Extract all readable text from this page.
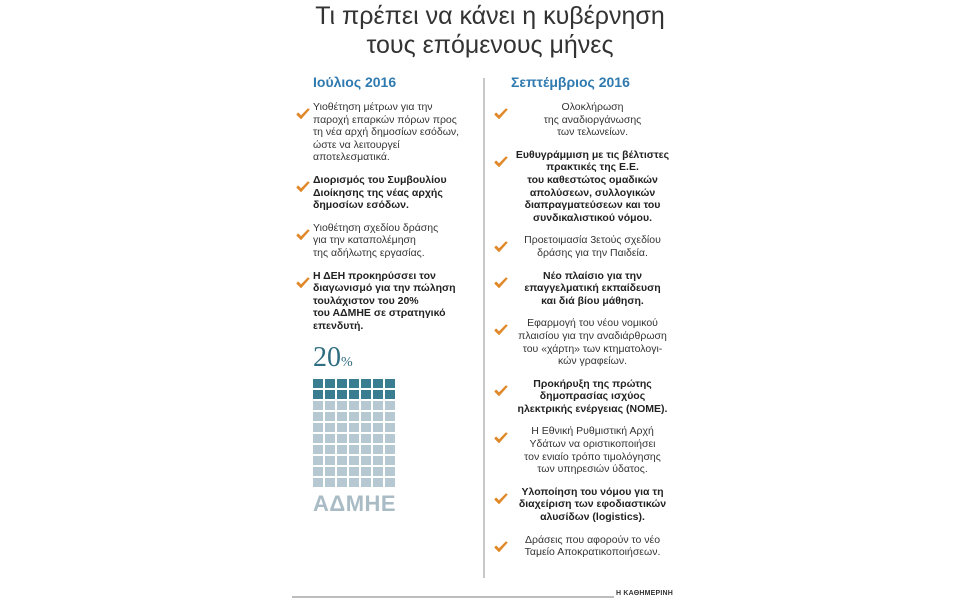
Τι πρέπει να κάνει η κυβέρνηση
τους επόμενους μήνες
Ιούλιος 2016
Υιοθέτηση μέτρων για την
παροχή επαρκών πόρων προς
τη νέα αρχή δημοσίων εσόδων,
ώστε να λειτουργεί
αποτελεσματικά.
Διορισμός του Συμβουλίου
Διοίκησης της νέας αρχής
δημοσίων εσόδων.
Υιοθέτηση σχεδίου δράσης
για την καταπολέμηση
της αδήλωτης εργασίας.
Η ΔΕΗ προκηρύσσει τον
διαγωνισμό για την πώληση
τουλάχιστον του 20%
του ΑΔΜΗΕ σε στρατηγικό
επενδυτή.
Σεπτέμβριος 2016
Ολοκλήρωση
της αναδιοργάνωσης
των τελωνείων.
Ευθυγράμμιση με τις βέλτιστες
πρακτικές της Ε.Ε.
του καθεστώτος ομαδικών
απολύσεων, συλλογικών
διαπραγματεύσεων και του
συνδικαλιστικού νόμου.
Προετοιμασία 3ετούς σχεδίου
δράσης για την Παιδεία.
Νέο πλαίσιο για την
επαγγελματική εκπαίδευση
και διά βίου μάθηση.
Εφαρμογή του νέου νομικού
πλαισίου για την αναδιάρθρωση
του «χάρτη» των κτηματολογι-
κών γραφείων.
Προκήρυξη της πρώτης
δημοπρασίας ισχύος
ηλεκτρικής ενέργειας (ΝΟΜΕ).
Η Εθνική Ρυθμιστική Αρχή
Υδάτων να οριστικοποιήσει
τον ενιαίο τρόπο τιμολόγησης
των υπηρεσιών ύδατος.
Υλοποίηση του νόμου για τη
διαχείριση των εφοδιαστικών
αλυσίδων (logistics).
Δράσεις που αφορούν το νέο
Ταμείο Αποκρατικοποιήσεων.
20%
ΑΔΜΗΕ
Η ΚΑΘΗΜΕΡΙΝΗ
